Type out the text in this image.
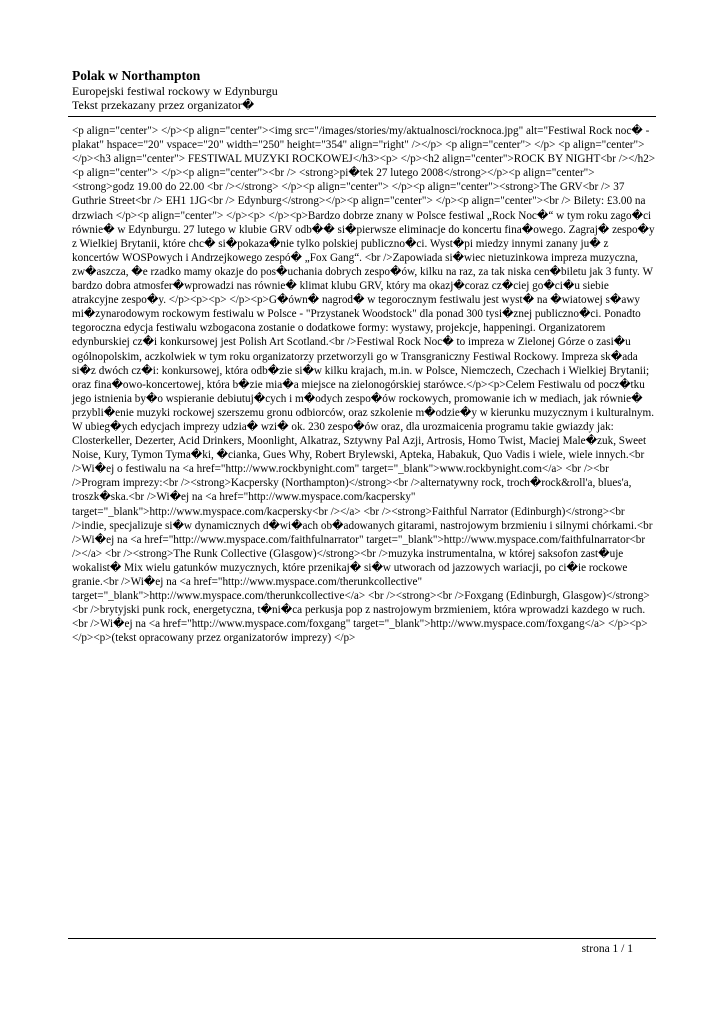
Polak w Northampton

Europejski festiwal rockowy w Edynburgu

Tekst przekazany przez organizator�

<p align="center"> </p><p align="center"><img src="/images/stories/my/aktualnosci/rocknoca.jpg" alt="Festiwal Rock noc� - plakat" hspace="20" vspace="20" width="250" height="354" align="right" /></p> <p align="center"> </p> <p align="center"> </p><h3 align="center"> FESTIWAL MUZYKI ROCKOWEJ</h3><p> </p><h2 align="center">ROCK BY NIGHT<br /></h2><p align="center"> </p><p align="center"><br /> <strong>pi�tek 27 lutego 2008</strong></p><p align="center"><strong>godz 19.00 do 22.00 <br /></strong> </p><p align="center"> </p><p align="center"><strong>The GRV<br /> 37 Guthrie Street<br /> EH1 1JG<br /> Edynburg</strong></p><p align="center"> </p><p align="center"><br /> Bilety: £3.00 na drzwiach </p><p align="center"> </p><p> </p><p>Bardzo dobrze znany w Polsce festiwal „Rock Noc�“ w tym roku zago�ci równie� w Edynburgu. 27 lutego w klubie GRV odb�� si�pierwsze eliminacje do koncertu fina�owego. Zagraj� zespo�y z Wielkiej Brytanii, które chc� si�pokaza�nie tylko polskiej publiczno�ci. Wyst�pi miedzy innymi zanany ju� z koncertów WOSPowych i Andrzejkowego zespó� „Fox Gang“. <br />Zapowiada si�wiec nietuzinkowa impreza muzyczna, zw�aszcza, �e rzadko mamy okazje do pos�uchania dobrych zespo�ów, kilku na raz, za tak niska cen�biletu jak 3 funty. W bardzo dobra atmosfer�wprowadzi nas równie� klimat klubu GRV, który ma okazj�coraz cz�ciej go�ci�u siebie atrakcyjne zespo�y. </p><p><p> </p><p>G�ówn� nagrod� w tegorocznym festiwalu jest wyst� na �wiatowej s�awy mi�zynarodowym rockowym festiwalu w Polsce - "Przystanek Woodstock" dla ponad 300 tysi�znej publiczno�ci. Ponadto tegoroczna edycja festiwalu wzbogacona zostanie o dodatkowe formy: wystawy, projekcje, happeningi. Organizatorem edynburskiej cz�i konkursowej jest Polish Art Scotland.<br />Festiwal Rock Noc� to impreza w Zielonej Górze o zasi�u ogólnopolskim, aczkolwiek w tym roku organizatorzy przetworzyli go w Transgraniczny Festiwal Rockowy. Impreza sk�ada si�z dwóch cz�i: konkursowej, która odb�zie si�w kilku krajach, m.in. w Polsce, Niemczech, Czechach i Wielkiej Brytanii; oraz fina�owo-koncertowej, która b�zie mia�a miejsce na zielonogórskiej starówce.</p><p>Celem Festiwalu od pocz�tku jego istnienia by�o wspieranie debiutuj�cych i m�odych zespo�ów rockowych, promowanie ich w mediach, jak równie� przybli�enie muzyki rockowej szerszemu gronu odbiorców, oraz szkolenie m�odzie�y w kierunku muzycznym i kulturalnym. W ubieg�ych edycjach imprezy udzia� wzi� ok. 230 zespo�ów oraz, dla urozmaicenia programu takie gwiazdy jak: Closterkeller, Dezerter, Acid Drinkers, Moonlight, Alkatraz, Sztywny Pal Azji, Artrosis, Homo Twist, Maciej Male�zuk, Sweet Noise, Kury, Tymon Tyma�ki, �cianka, Gues Why, Robert Brylewski, Apteka, Habakuk, Quo Vadis i wiele, wiele innych.<br />Wi�ej o festiwalu na <a href="http://www.rockbynight.com" target="_blank">www.rockbynight.com</a> <br /><br />Program imprezy:<br /><strong>Kacpersky (Northampton)</strong><br />alternatywny rock, troch�rock&roll'a, blues'a, troszk�ska.<br />Wi�ej na <a href="http://www.myspace.com/kacpersky" target="_blank">http://www.myspace.com/kacpersky<br /></a> <br /><strong>Faithful Narrator (Edinburgh)</strong><br />indie, specjalizuje si�w dynamicznych d�wi�ach ob�adowanych gitarami, nastrojowym brzmieniu i silnymi chórkami.<br />Wi�ej na <a href="http://www.myspace.com/faithfulnarrator" target="_blank">http://www.myspace.com/faithfulnarrator<br /></a> <br /><strong>The Runk Collective (Glasgow)</strong><br />muzyka instrumentalna, w której saksofon zast�uje wokalist� Mix wielu gatunków muzycznych, które przenikaj� si�w utworach od jazzowych wariacji, po ci�ie rockowe granie.<br />Wi�ej na <a href="http://www.myspace.com/therunkcollective" target="_blank">http://www.myspace.com/therunkcollective</a> <br /><strong><br />Foxgang (Edinburgh, Glasgow)</strong><br />brytyjski punk rock, energetyczna, t�ni�ca perkusja pop z nastrojowym brzmieniem, która wprowadzi kazdego w ruch.<br />Wi�ej na <a href="http://www.myspace.com/foxgang" target="_blank">http://www.myspace.com/foxgang</a> </p><p> </p><p>(tekst opracowany przez organizatorów imprezy) </p>

strona 1 / 1
